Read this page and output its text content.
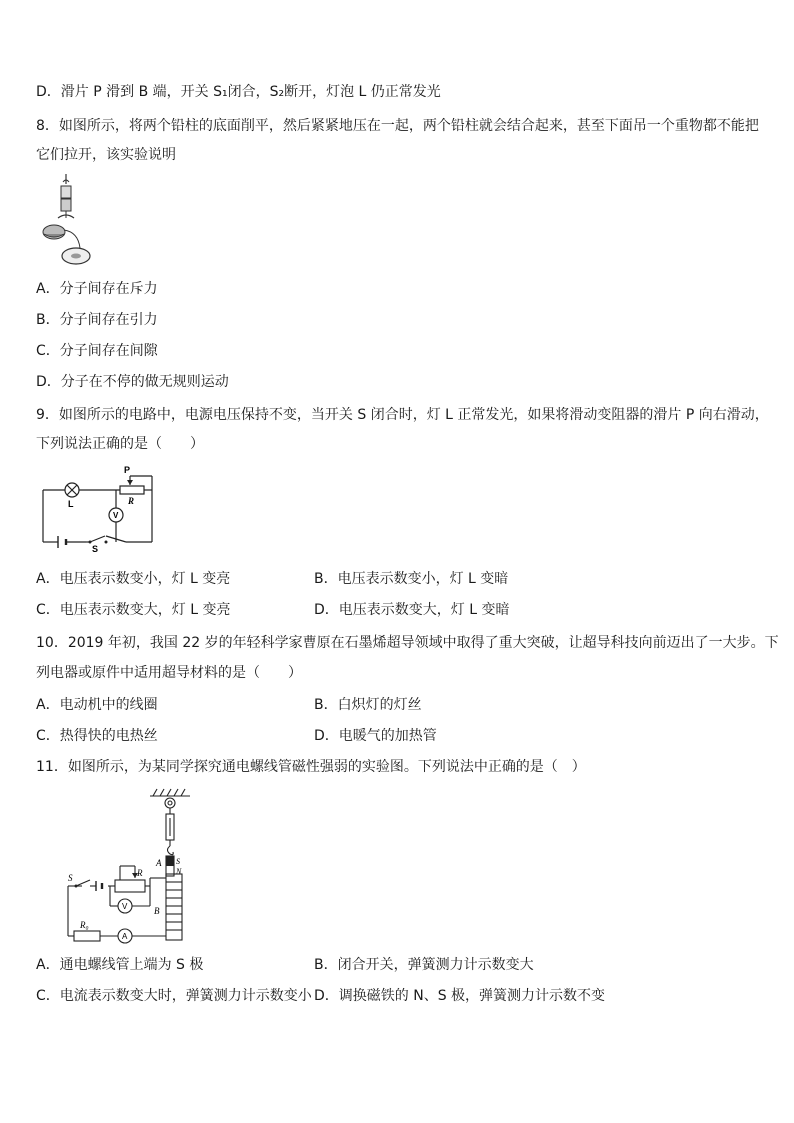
D．滑片 P 滑到 B 端，开关 S₁闭合，S₂断开，灯泡 L 仍正常发光
8．如图所示，将两个铅柱的底面削平，然后紧紧地压在一起，两个铅柱就会结合起来，甚至下面吊一个重物都不能把
它们拉开，该实验说明
A．分子间存在斥力
B．分子间存在引力
C．分子间存在间隙
D．分子在不停的做无规则运动
9．如图所示的电路中，电源电压保持不变，当开关 S 闭合时，灯 L 正常发光，如果将滑动变阻器的滑片 P 向右滑动，
下列说法正确的是（　　）
P
R
L
V
S
A．电压表示数变小，灯 L 变亮	B．电压表示数变小，灯 L 变暗
C．电压表示数变大，灯 L 变亮	D．电压表示数变大，灯 L 变暗
10．2019 年初，我国 22 岁的年轻科学家曹原在石墨烯超导领域中取得了重大突破，让超导科技向前迈出了一大步。下
列电器或原件中适用超导材料的是（　　）
A．电动机中的线圈	B．白炽灯的灯丝
C．热得快的电热丝	D．电暖气的加热管
11．如图所示，为某同学探究通电螺线管磁性强弱的实验图。下列说法中正确的是（　）
A S
N
S	R
V	B
R₀
A
A．通电螺线管上端为 S 极	B．闭合开关，弹簧测力计示数变大
C．电流表示数变大时，弹簧测力计示数变小 D．调换磁铁的 N、S 极，弹簧测力计示数不变
